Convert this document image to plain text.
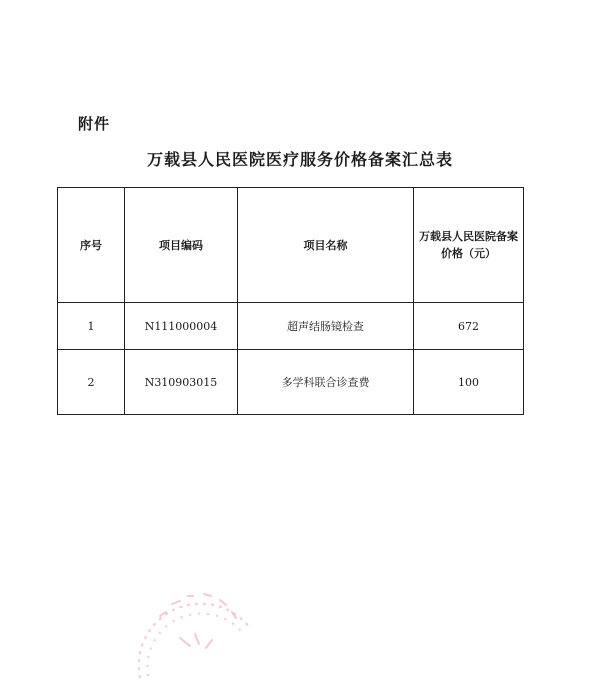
附件
万载县人民医院医疗服务价格备案汇总表
序号	项目编码	项目名称	万载县人民医院备案
价格（元）

1	N111000004	超声结肠镜检查	672
2	N310903015	多学科联合诊查费	100
